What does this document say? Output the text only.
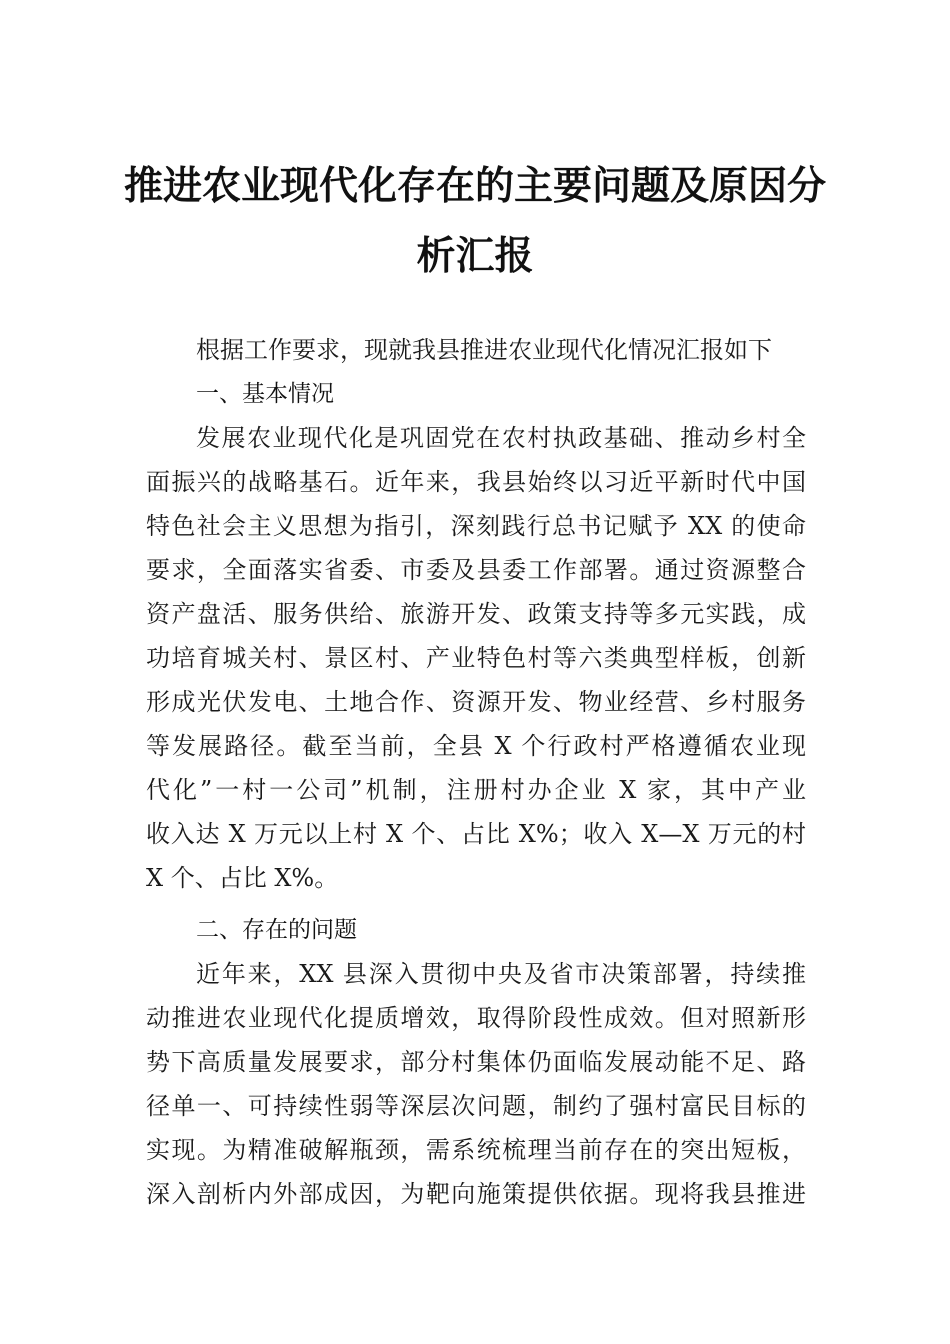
推进农业现代化存在的主要问题及原因分
析汇报
根据工作要求，现就我县推进农业现代化情况汇报如下
一、基本情况
发展农业现代化是巩固党在农村执政基础、推动乡村全
面振兴的战略基石。近年来，我县始终以习近平新时代中国
特色社会主义思想为指引，深刻践行总书记赋予 XX 的使命
要求，全面落实省委、市委及县委工作部署。通过资源整合
资产盘活、服务供给、旅游开发、政策支持等多元实践，成
功培育城关村、景区村、产业特色村等六类典型样板，创新
形成光伏发电、土地合作、资源开发、物业经营、乡村服务
等发展路径。截至当前，全县 X 个行政村严格遵循农业现
代化”一村一公司”机制，注册村办企业 X 家，其中产业
收入达 X 万元以上村 X 个、占比 X%；收入 X—X 万元的村
X 个、占比 X%。
二、存在的问题
近年来，XX 县深入贯彻中央及省市决策部署，持续推
动推进农业现代化提质增效，取得阶段性成效。但对照新形
势下高质量发展要求，部分村集体仍面临发展动能不足、路
径单一、可持续性弱等深层次问题，制约了强村富民目标的
实现。为精准破解瓶颈，需系统梳理当前存在的突出短板，
深入剖析内外部成因，为靶向施策提供依据。现将我县推进
